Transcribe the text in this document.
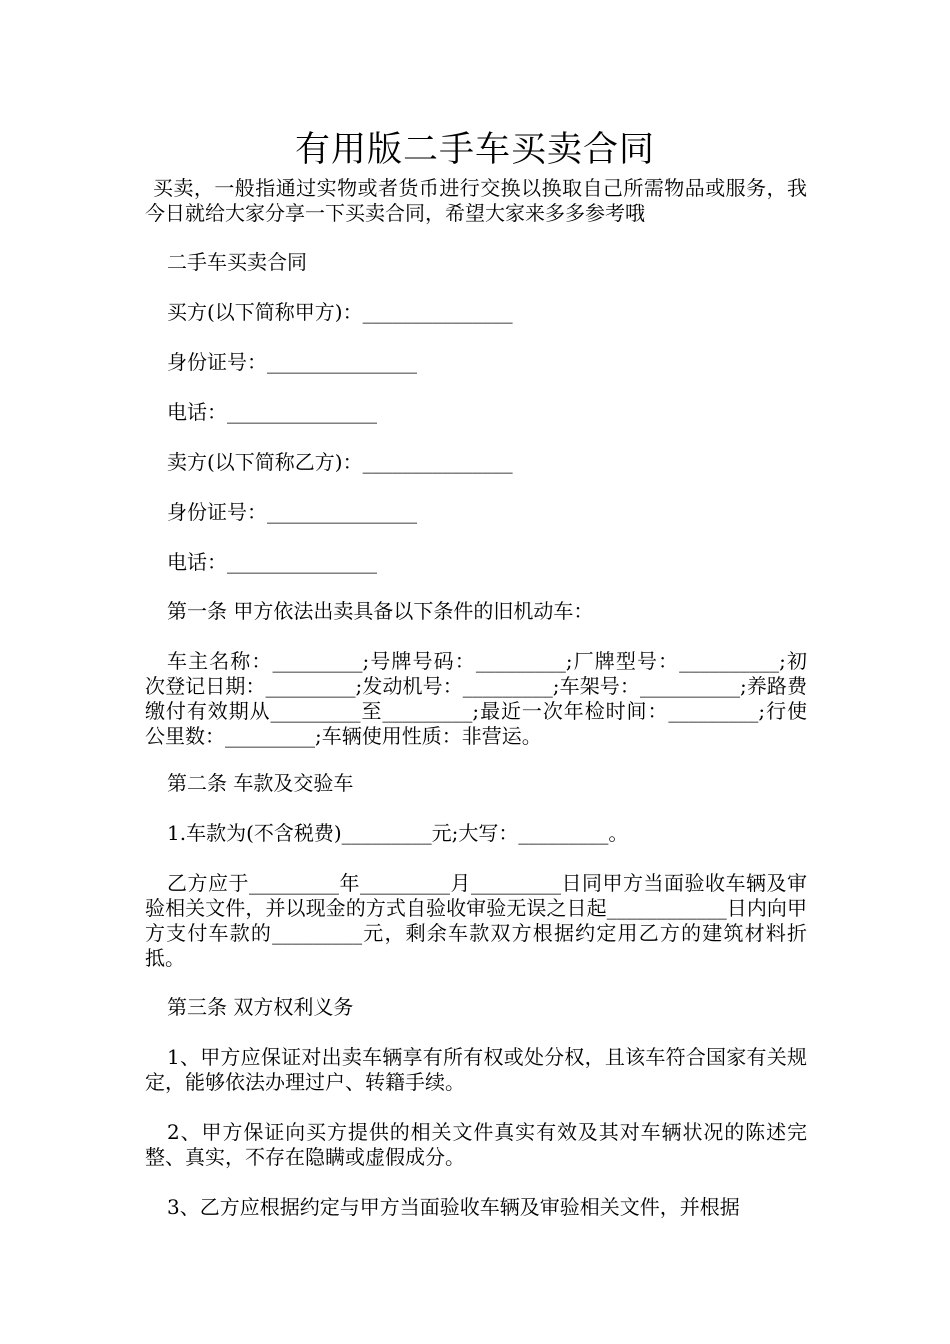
有用版二手车买卖合同
买卖，一般指通过实物或者货币进行交换以换取自己所需物品或服务，我今日就给大家分享一下买卖合同，希望大家来多多参考哦
二手车买卖合同
买方(以下简称甲方)：_______________
身份证号：_______________
电话：_______________
卖方(以下简称乙方)：_______________
身份证号：_______________
电话：_______________
第一条 甲方依法出卖具备以下条件的旧机动车：
车主名称：_________;号牌号码：_________;厂牌型号：__________;初次登记日期：_________;发动机号：_________;车架号：__________;养路费缴付有效期从_________至_________;最近一次年检时间：_________;行使公里数：_________;车辆使用性质：非营运。
第二条 车款及交验车
1.车款为(不含税费)_________元;大写：_________。
乙方应于_________年_________月_________日同甲方当面验收车辆及审验相关文件，并以现金的方式自验收审验无误之日起____________日内向甲方支付车款的_________元，剩余车款双方根据约定用乙方的建筑材料折抵。
第三条 双方权利义务
1、甲方应保证对出卖车辆享有所有权或处分权，且该车符合国家有关规定，能够依法办理过户、转籍手续。
2、甲方保证向买方提供的相关文件真实有效及其对车辆状况的陈述完整、真实，不存在隐瞒或虚假成分。
3、乙方应根据约定与甲方当面验收车辆及审验相关文件，并根据
